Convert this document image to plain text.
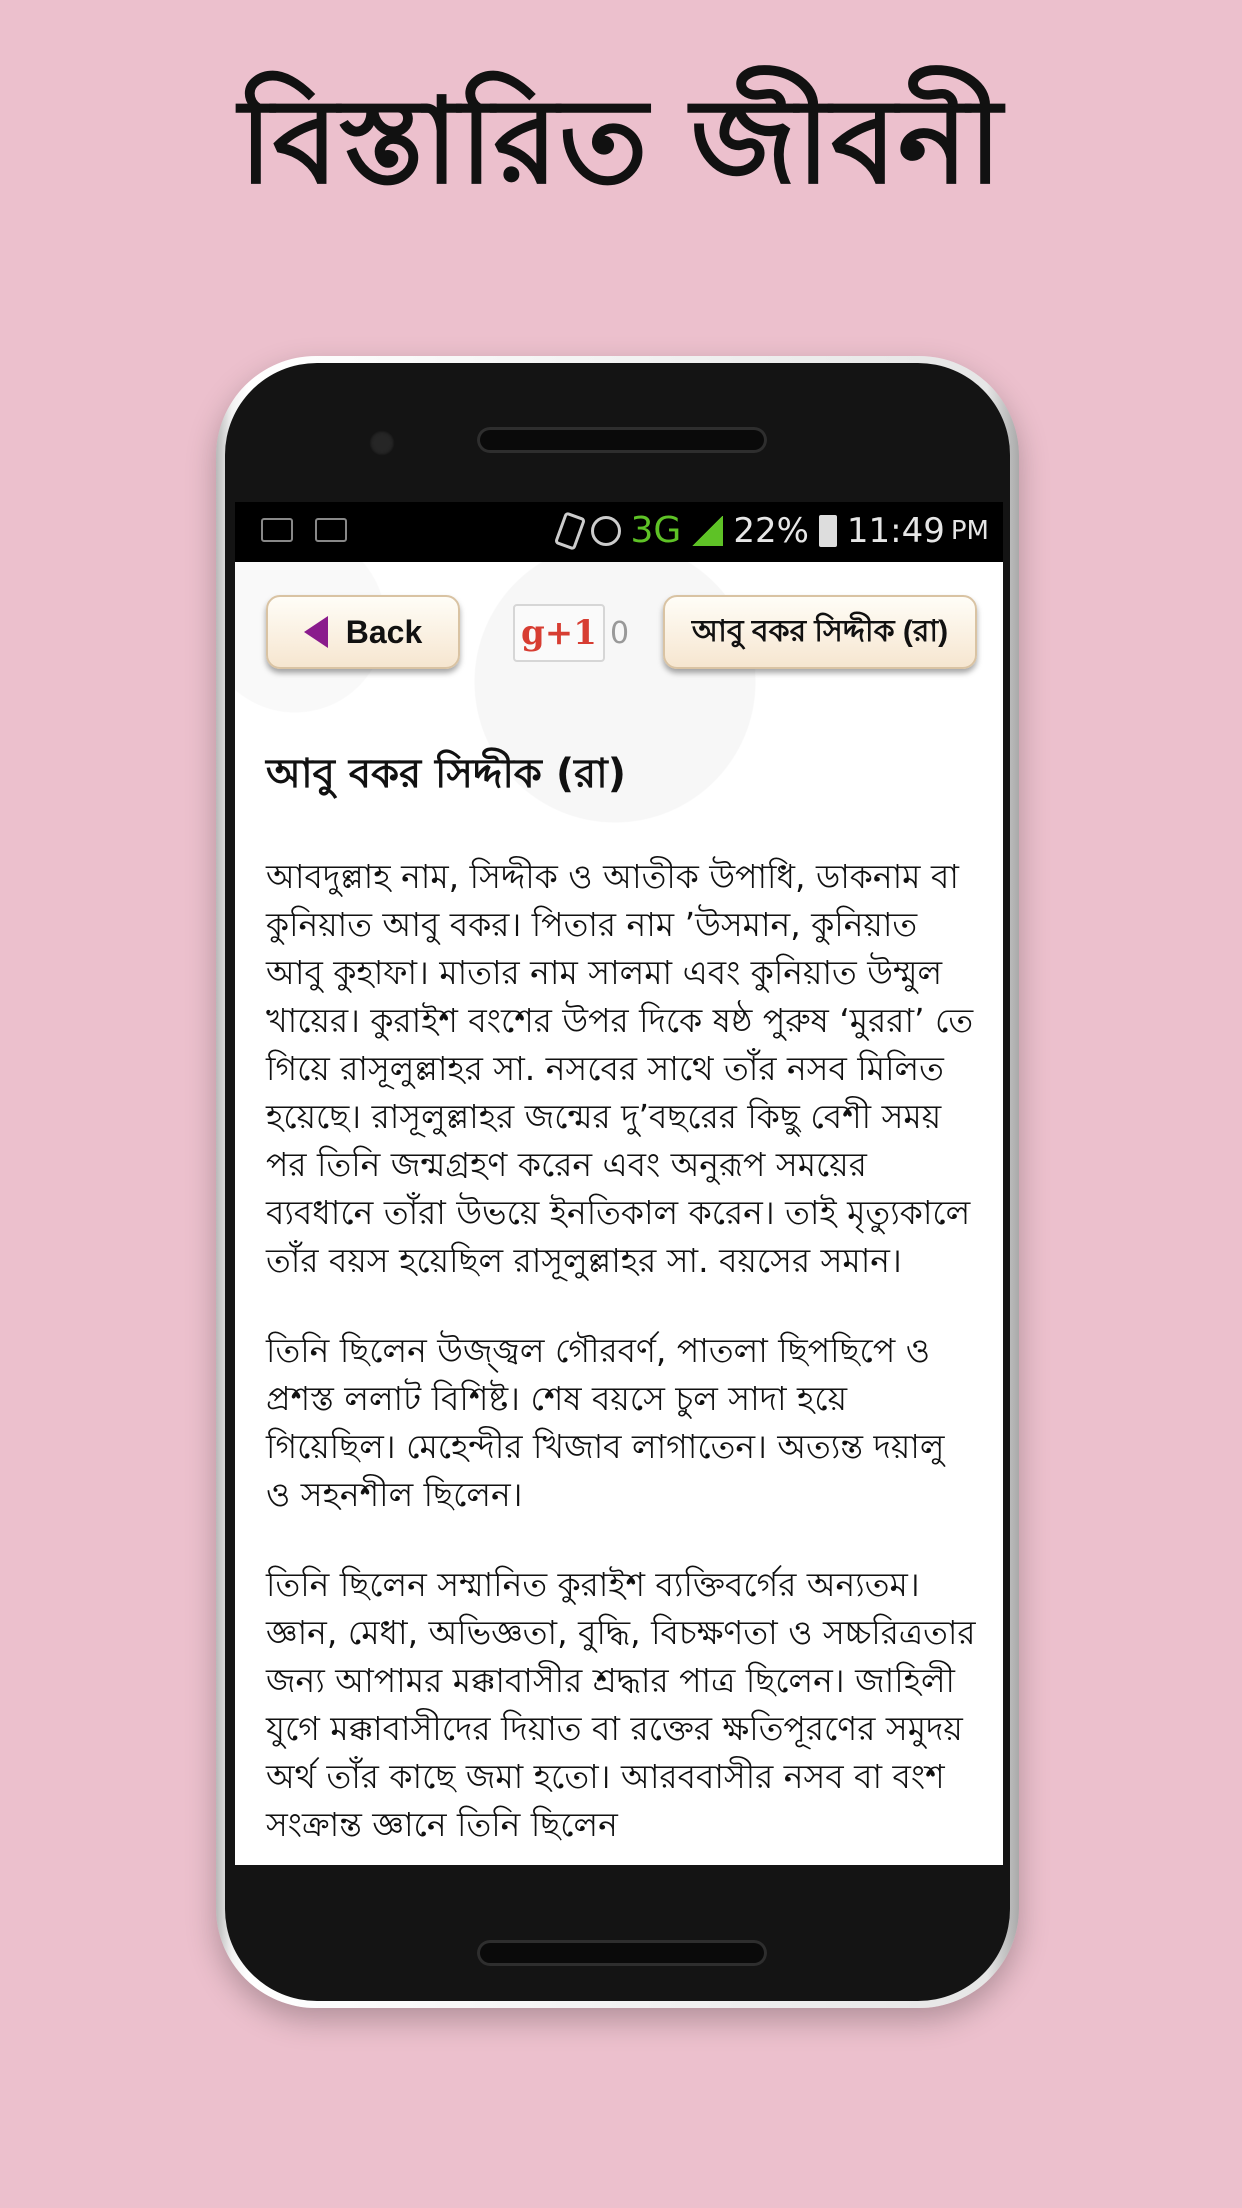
বিস্তারিত জীবনী
3G 22% 11:49 PM
Back	g+1 0 আবু বকর সিদ্দীক (রা)
আবু বকর সিদ্দীক (রা)

আবদুল্লাহ নাম, সিদ্দীক ও আতীক উপাধি, ডাকনাম বা কুনিয়াত আবু বকর। পিতার নাম ’উসমান, কুনিয়াত আবু কুহাফা। মাতার নাম সালমা এবং কুনিয়াত উম্মুল খায়ের। কুরাইশ বংশের উপর দিকে ষষ্ঠ পুরুষ ‘মুররা’ তে গিয়ে রাসূলুল্লাহর সা. নসবের সাথে তাঁর নসব মিলিত হয়েছে। রাসূলুল্লাহর জন্মের দু’বছরের কিছু বেশী সময় পর তিনি জন্মগ্রহণ করেন এবং অনুরূপ সময়ের ব্যবধানে তাঁরা উভয়ে ইনতিকাল করেন। তাই মৃত্যুকালে তাঁর বয়স হয়েছিল রাসূলুল্লাহর সা. বয়সের সমান।

তিনি ছিলেন উজ্জ্বল গৌরবর্ণ, পাতলা ছিপছিপে ও প্রশস্ত ললাট বিশিষ্ট। শেষ বয়সে চুল সাদা হয়ে গিয়েছিল। মেহেন্দীর খিজাব লাগাতেন। অত্যন্ত দয়ালু ও সহনশীল ছিলেন।

তিনি ছিলেন সম্মানিত কুরাইশ ব্যক্তিবর্গের অন্যতম। জ্ঞান, মেধা, অভিজ্ঞতা, বুদ্ধি, বিচক্ষণতা ও সচ্চরিত্রতার জন্য আপামর মক্কাবাসীর শ্রদ্ধার পাত্র ছিলেন। জাহিলী যুগে মক্কাবাসীদের দিয়াত বা রক্তের ক্ষতিপূরণের সমুদয় অর্থ তাঁর কাছে জমা হতো। আরববাসীর নসব বা বংশ সংক্রান্ত জ্ঞানে তিনি ছিলেন
